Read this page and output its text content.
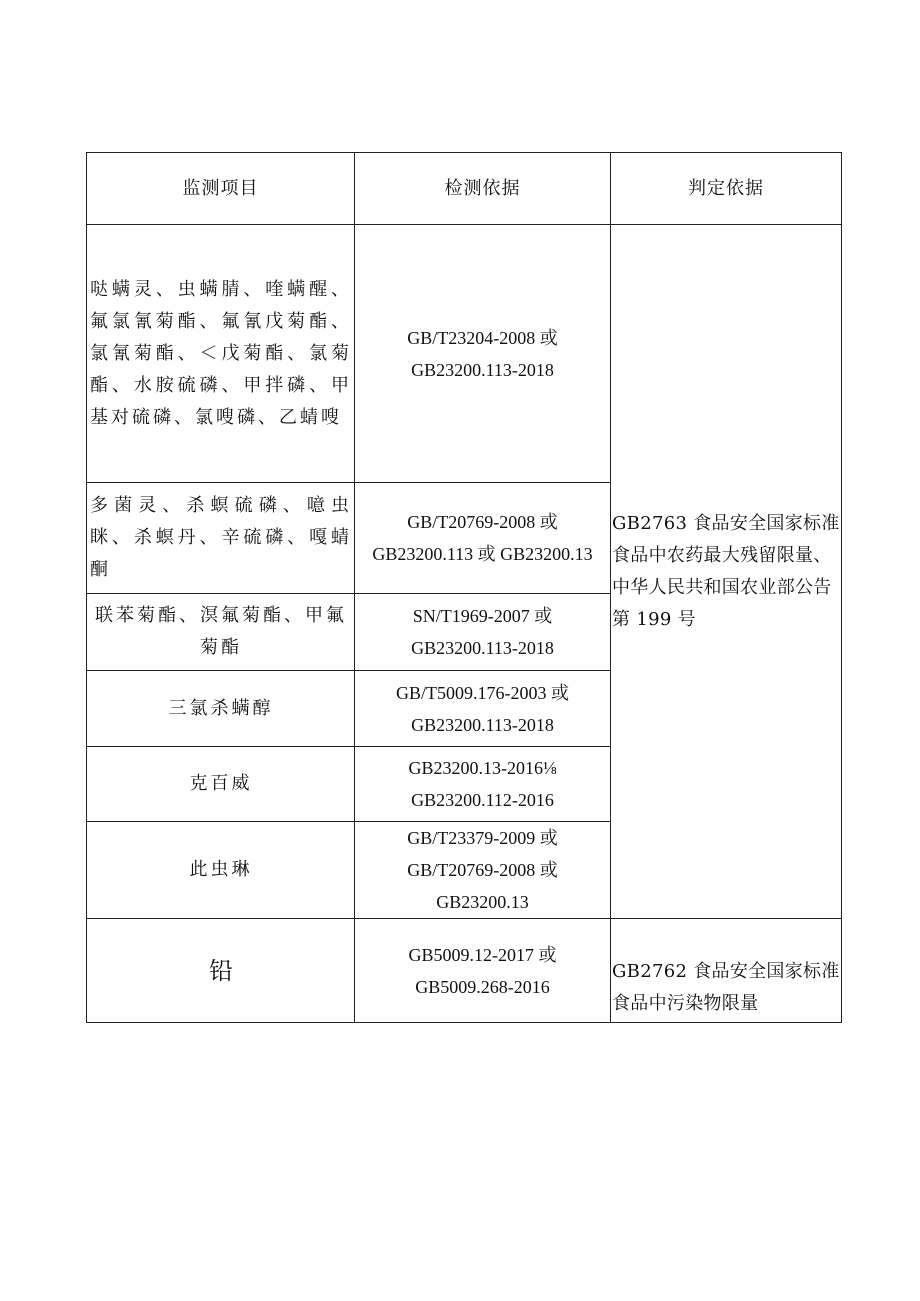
监测项目	检测依据	判定依据
哒螨灵、虫螨腈、喹螨醒、氟氯氰菊酯、氟氰戊菊酯、氯氰菊酯、＜戊菊酯、氯菊酯、水胺硫磷、甲拌磷、甲基对硫磷、氯嗖磷、乙蜻嗖	GB/T23204-2008 或
GB23200.113-2018	GB2763 食品安全国家标准
食品中农药最大残留限量、
中华人民共和国农业部公告
第 199 号

多菌灵、杀螟硫磷、噫虫眯、杀螟丹、辛硫磷、嘎蜻酮	GB/T20769-2008 或
GB23200.113 或 GB23200.13	

联苯菊酯、溟氟菊酯、甲氟菊酯	SN/T1969-2007 或
GB23200.113-2018	

三氯杀螨醇	GB/T5009.176-2003 或
GB23200.113-2018	

克百威	GB23200.13-2016⅛
GB23200.112-2016	

此虫琳	GB/T23379-2009 或
GB/T20769-2008 或
GB23200.13	

铅	GB5009.12-2017 或
GB5009.268-2016	GB2762 食品安全国家标准
食品中污染物限量
